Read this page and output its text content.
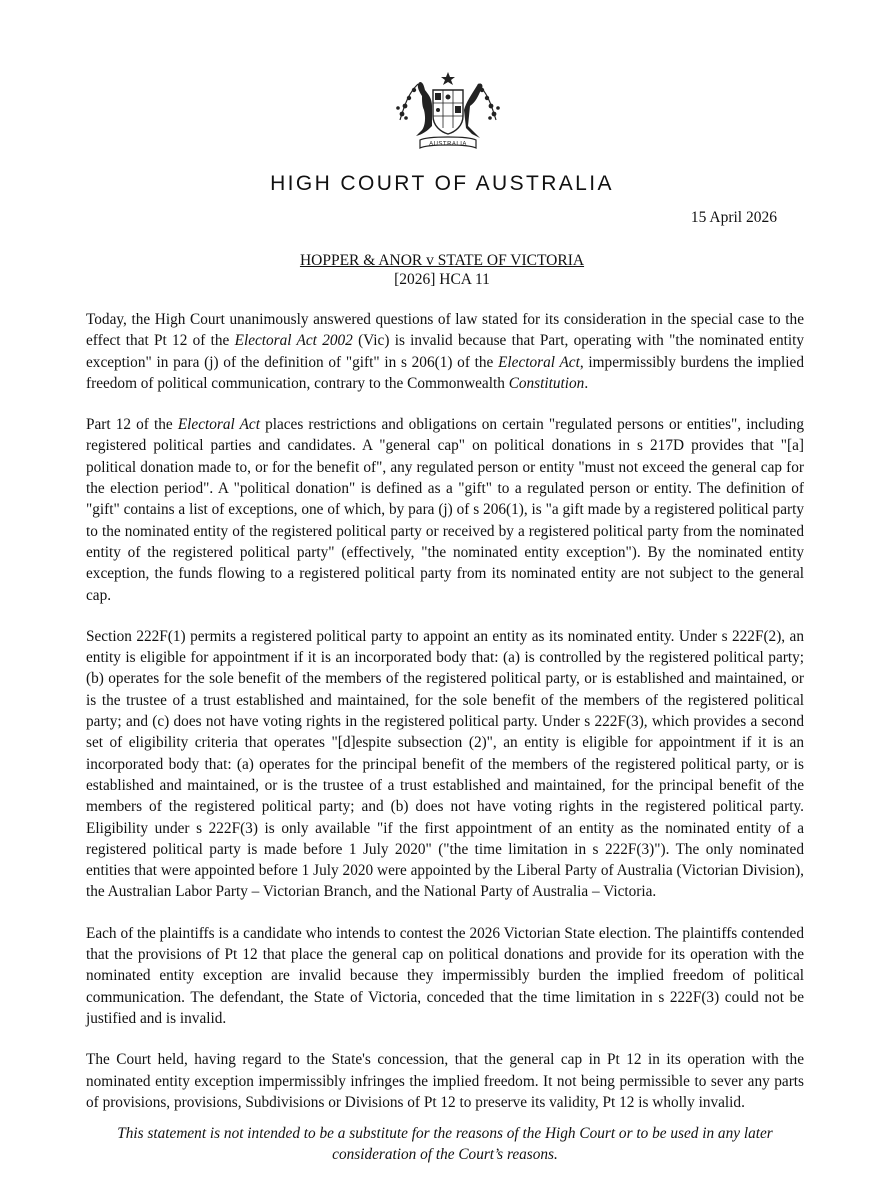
AUSTRALIA
HIGH COURT OF AUSTRALIA
15 April 2026
HOPPER & ANOR v STATE OF VICTORIA
[2026] HCA 11

Today, the High Court unanimously answered questions of law stated for its consideration in the special case to the effect that Pt 12 of the Electoral Act 2002 (Vic) is invalid because that Part, operating with "the nominated entity exception" in para (j) of the definition of "gift" in s 206(1) of the Electoral Act, impermissibly burdens the implied freedom of political communication, contrary to the Commonwealth Constitution.

Part 12 of the Electoral Act places restrictions and obligations on certain "regulated persons or entities", including registered political parties and candidates. A "general cap" on political donations in s 217D provides that "[a] political donation made to, or for the benefit of", any regulated person or entity "must not exceed the general cap for the election period". A "political donation" is defined as a "gift" to a regulated person or entity. The definition of "gift" contains a list of exceptions, one of which, by para (j) of s 206(1), is "a gift made by a registered political party to the nominated entity of the registered political party or received by a registered political party from the nominated entity of the registered political party" (effectively, "the nominated entity exception"). By the nominated entity exception, the funds flowing to a registered political party from its nominated entity are not subject to the general cap.

Section 222F(1) permits a registered political party to appoint an entity as its nominated entity. Under s 222F(2), an entity is eligible for appointment if it is an incorporated body that: (a) is controlled by the registered political party; (b) operates for the sole benefit of the members of the registered political party, or is established and maintained, or is the trustee of a trust established and maintained, for the sole benefit of the members of the registered political party; and (c) does not have voting rights in the registered political party. Under s 222F(3), which provides a second set of eligibility criteria that operates "[d]espite subsection (2)", an entity is eligible for appointment if it is an incorporated body that: (a) operates for the principal benefit of the members of the registered political party, or is established and maintained, or is the trustee of a trust established and maintained, for the principal benefit of the members of the registered political party; and (b) does not have voting rights in the registered political party. Eligibility under s 222F(3) is only available "if the first appointment of an entity as the nominated entity of a registered political party is made before 1 July 2020" ("the time limitation in s 222F(3)"). The only nominated entities that were appointed before 1 July 2020 were appointed by the Liberal Party of Australia (Victorian Division), the Australian Labor Party – Victorian Branch, and the National Party of Australia – Victoria.

Each of the plaintiffs is a candidate who intends to contest the 2026 Victorian State election. The plaintiffs contended that the provisions of Pt 12 that place the general cap on political donations and provide for its operation with the nominated entity exception are invalid because they impermissibly burden the implied freedom of political communication. The defendant, the State of Victoria, conceded that the time limitation in s 222F(3) could not be justified and is invalid.

The Court held, having regard to the State's concession, that the general cap in Pt 12 in its operation with the nominated entity exception impermissibly infringes the implied freedom. It not being permissible to sever any parts of provisions, provisions, Subdivisions or Divisions of Pt 12 to preserve its validity, Pt 12 is wholly invalid.

This statement is not intended to be a substitute for the reasons of the High Court or to be used in any later consideration of the Court’s reasons.
